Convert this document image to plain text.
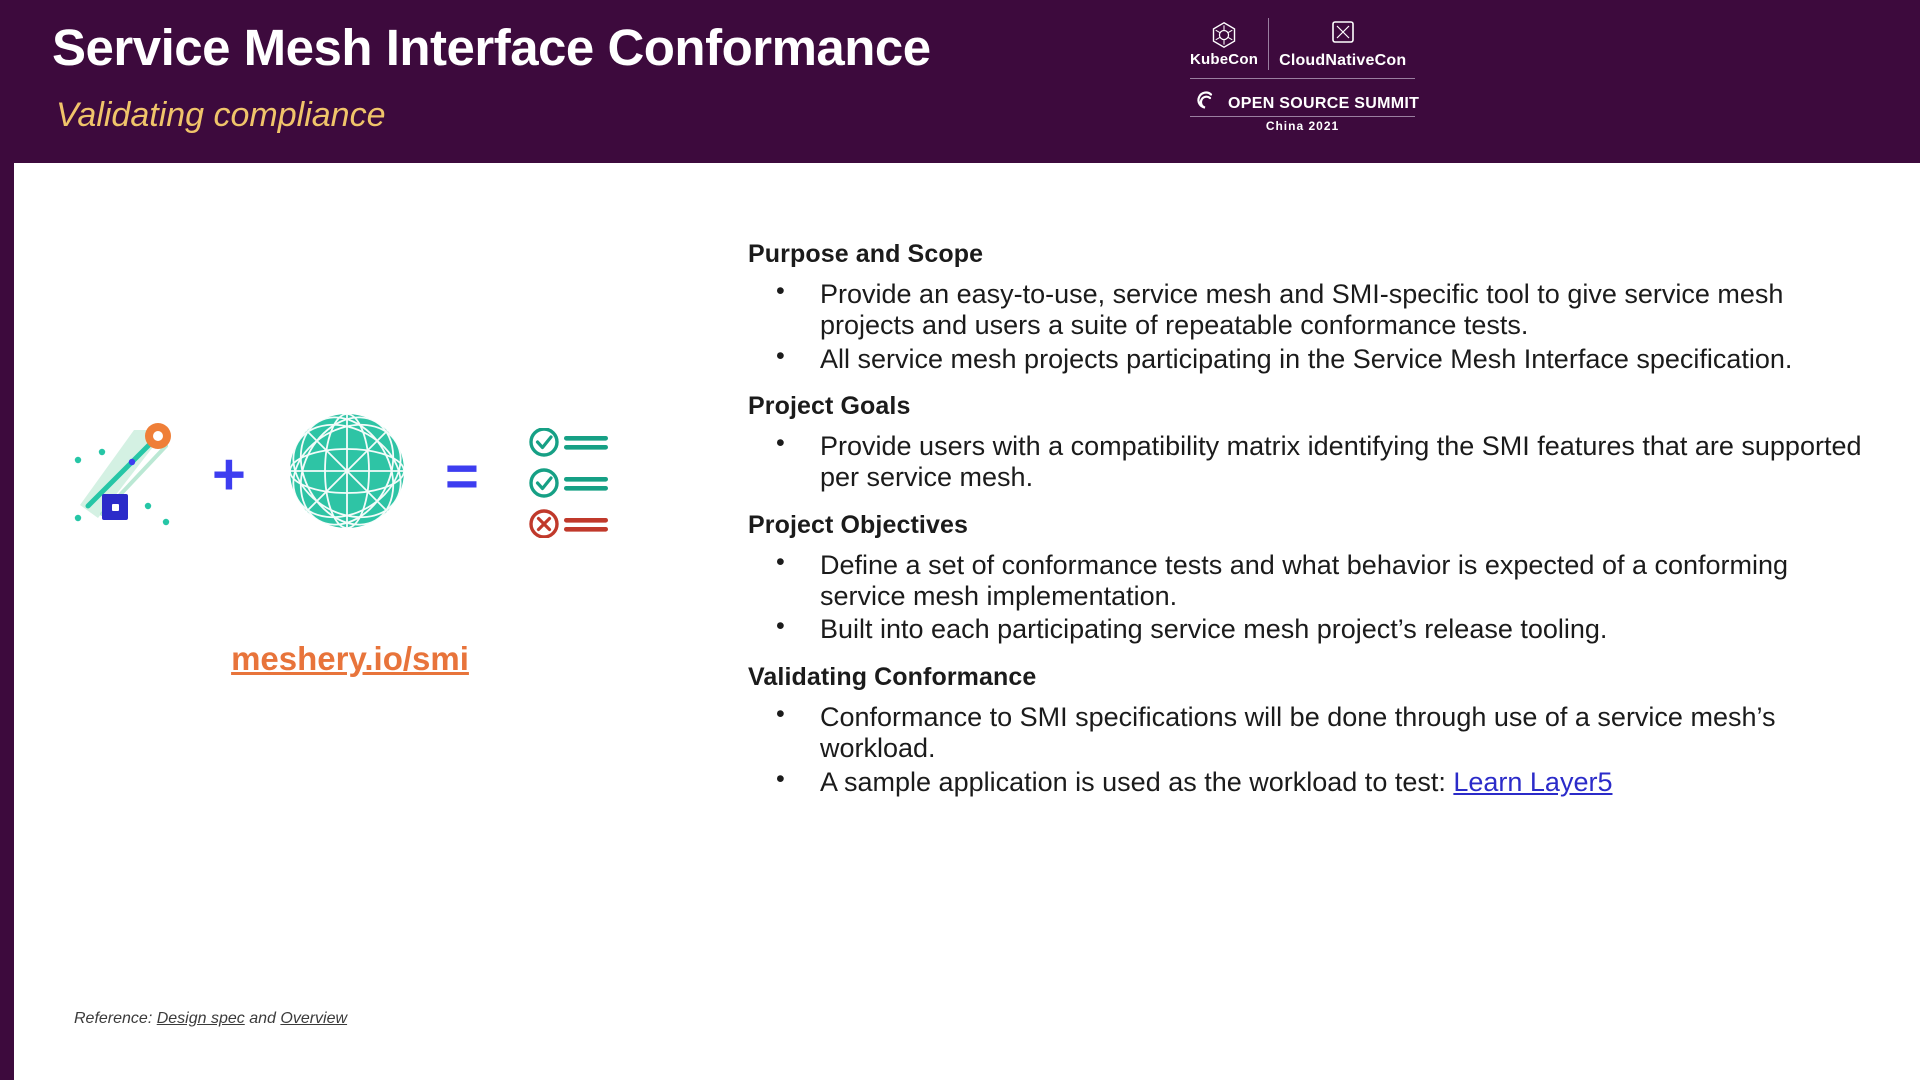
Service Mesh Interface Conformance
Validating compliance
KubeCon CloudNativeCon
OPEN SOURCE SUMMIT
China 2021
+	=
meshery.io/smi
Reference: Design spec and Overview
Purpose and Scope
• Provide an easy-to-use, service mesh and SMI-specific tool to give service mesh projects and users a suite of repeatable conformance tests.
• All service mesh projects participating in the Service Mesh Interface specification.
Project Goals
• Provide users with a compatibility matrix identifying the SMI features that are supported per service mesh.
Project Objectives
• Define a set of conformance tests and what behavior is expected of a conforming service mesh implementation.
• Built into each participating service mesh project’s release tooling.
Validating Conformance
• Conformance to SMI specifications will be done through use of a service mesh’s workload.
• A sample application is used as the workload to test: Learn Layer5
